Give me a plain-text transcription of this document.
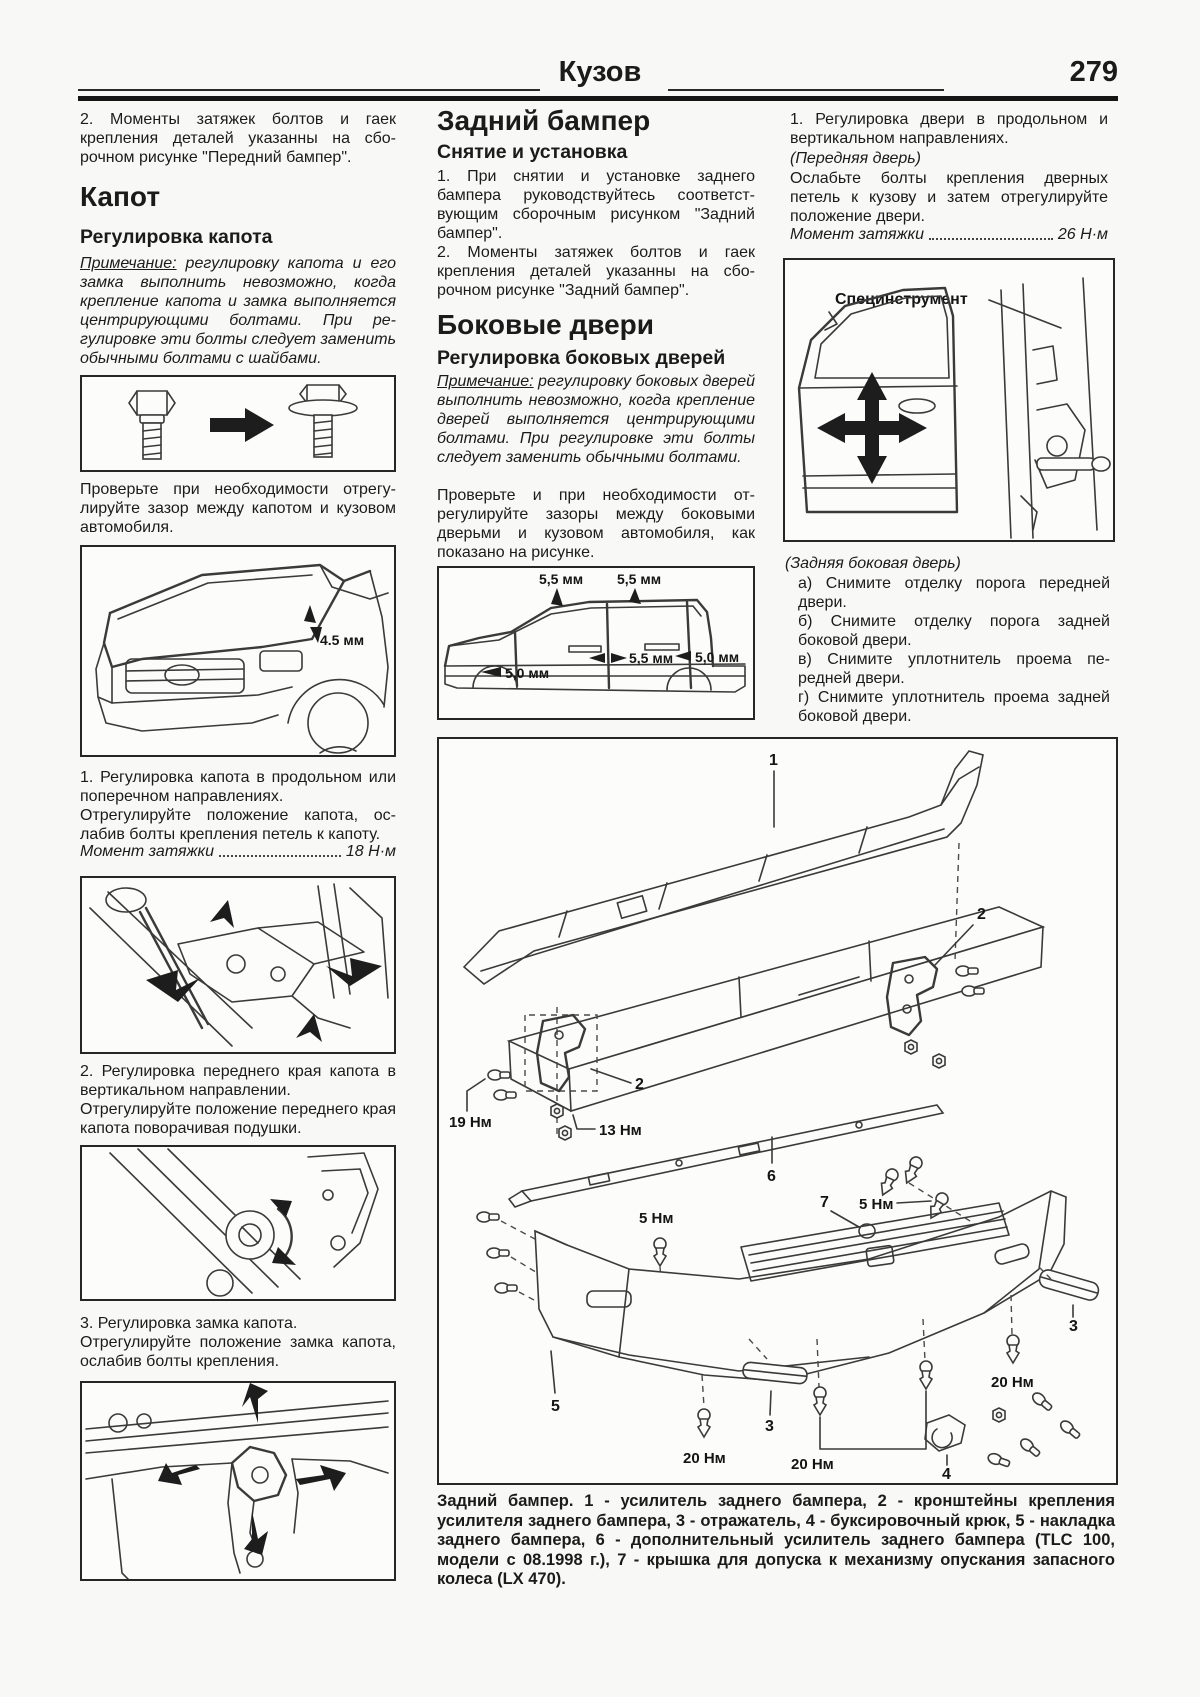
Кузов	279
2. Моменты затяжек болтов и гаек крепления деталей указанны на сборочном рисунке "Передний бампер".
Капот
Регулировка капота
Примечание: регулировку капота и его замка выполнить невозможно, когда крепление капота и замка выполняется центрирующими болтами. При регулировке эти болты следует заменить обычными болтами с шайбами.
Проверьте при необходимости отрегулируйте зазор между капотом и кузовом автомобиля.
4.5 мм
1. Регулировка капота в продольном или поперечном направлениях.
Отрегулируйте положение капота, ослабив болты крепления петель к капоту.
Момент затяжки	18 Н·м
2. Регулировка переднего края капота в вертикальном направлении.
Отрегулируйте положение переднего края капота поворачивая подушки.
3. Регулировка замка капота.
Отрегулируйте положение замка капота, ослабив болты крепления.
Задний бампер
Снятие и установка
1. При снятии и установке заднего бампера руководствуйтесь соответствующим сборочным рисунком "Задний бампер".
2. Моменты затяжек болтов и гаек крепления деталей указанны на сборочном рисунке "Задний бампер".
Боковые двери
Регулировка боковых дверей
Примечание: регулировку боковых дверей выполнить невозможно, когда крепление дверей выполняется центрирующими болтами. При регулировке эти болты следует заменить обычными болтами.
Проверьте и при необходимости отрегулируйте зазоры между боковыми дверьми и кузовом автомобиля, как показано на рисунке.
5,5 мм 5,5 мм
5,0 мм
5,5 мм 5,0 мм
1. Регулировка двери в продольном и вертикальном направлениях.
(Передняя дверь)
Ослабьте болты крепления дверных петель к кузову и затем отрегулируйте положение двери.
Момент затяжки	26 Н·м
Специнструмент
(Задняя боковая дверь)
а) Снимите отделку порога передней двери.
б) Снимите отделку порога задней боковой двери.
в) Снимите уплотнитель проема передней двери.
г) Снимите уплотнитель проема задней боковой двери.
1
2
2
19 Нм	13 Нм
6
7
5 Нм
5 Нм
5
3
3
4
20 Нм	20 Нм
20 Нм
Задний бампер. 1 - усилитель заднего бампера, 2 - кронштейны крепления усилителя заднего бампера, 3 - отражатель, 4 - буксировочный крюк, 5 - накладка заднего бампера, 6 - дополнительный усилитель заднего бампера (TLC 100, модели с 08.1998 г.), 7 - крышка для допуска к механизму опускания запасного колеса (LX 470).
